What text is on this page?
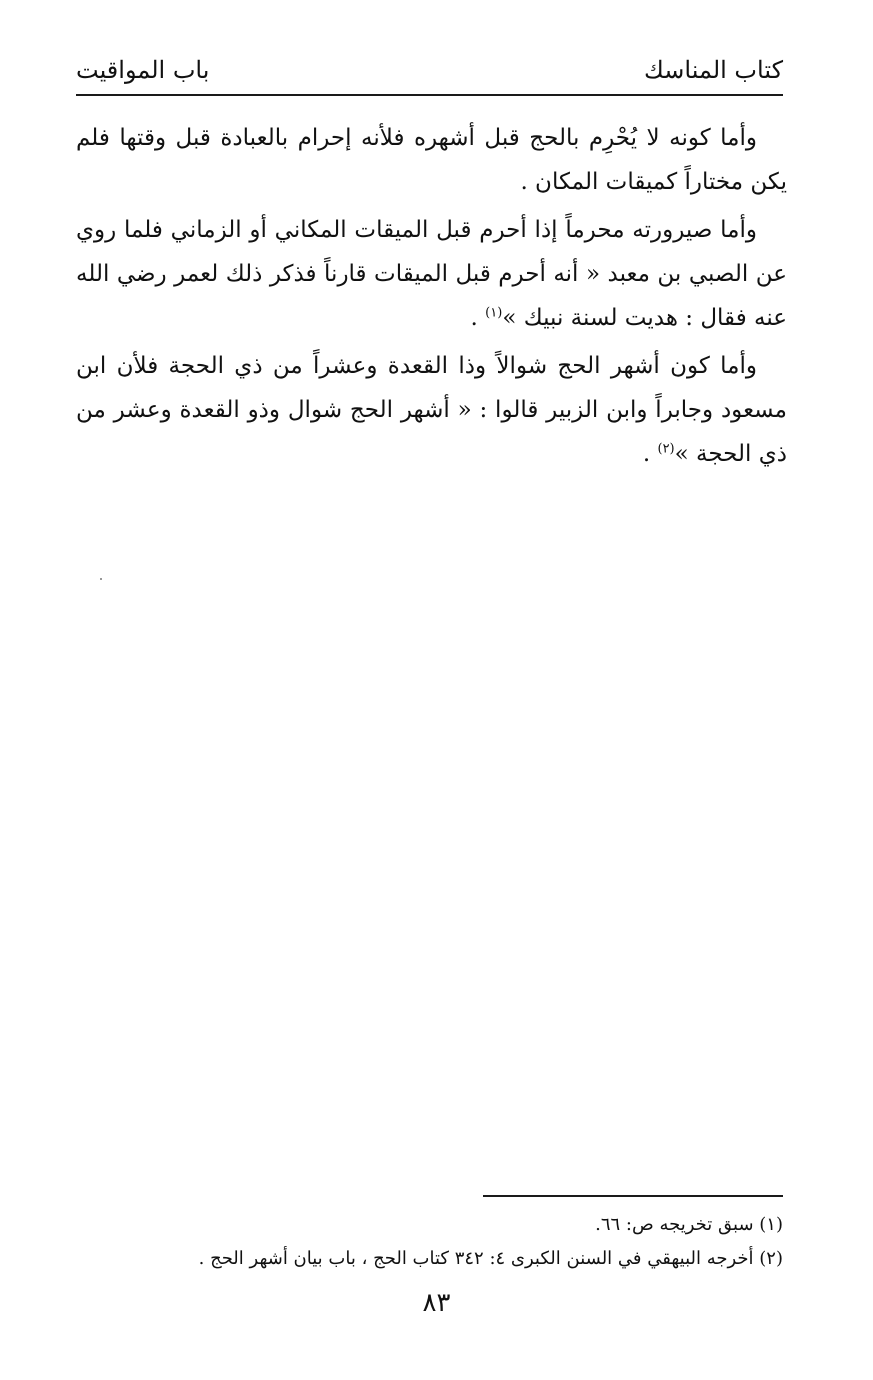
كتاب المناسك
باب المواقيت

وأما كونه لا يُحْرِم بالحج قبل أشهره فلأنه إحرام بالعبادة قبل وقتها فلم يكن مختاراً كميقات المكان .

وأما صيرورته محرماً إذا أحرم قبل الميقات المكاني أو الزماني فلما روي عن الصبي بن معبد « أنه أحرم قبل الميقات قارناً فذكر ذلك لعمر رضي الله عنه فقال : هديت لسنة نبيك »$^{(١)}$ .

وأما كون أشهر الحج شوالاً وذا القعدة وعشراً من ذي الحجة فلأن ابن مسعود وجابراً وابن الزبير قالوا : « أشهر الحج شوال وذو القعدة وعشر من ذي الحجة »$^{(٢)}$ .

(١) سبق تخريجه ص: ٦٦.

(٢) أخرجه البيهقي في السنن الكبرى ٤: ٣٤٢ كتاب الحج ، باب بيان أشهر الحج .

٨٣
